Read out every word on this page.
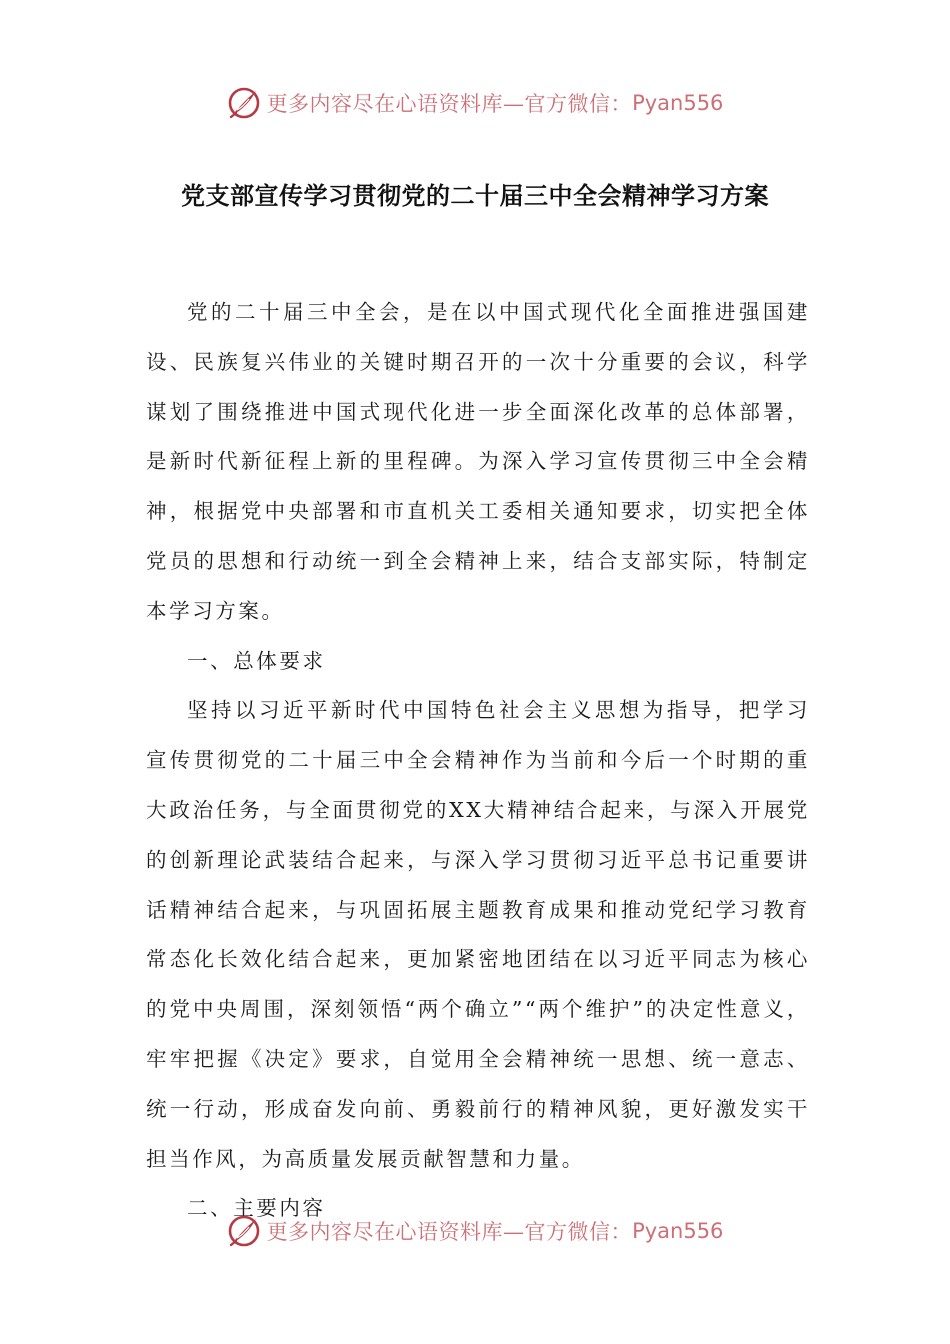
更多内容尽在心语资料库—官方微信： Pyan556
党支部宣传学习贯彻党的二十届三中全会精神学习方案

党的二十届三中全会，是在以中国式现代化全面推进强国建设、民族复兴伟业的关键时期召开的一次十分重要的会议，科学谋划了围绕推进中国式现代化进一步全面深化改革的总体部署，是新时代新征程上新的里程碑。为深入学习宣传贯彻三中全会精神，根据党中央部署和市直机关工委相关通知要求，切实把全体党员的思想和行动统一到全会精神上来，结合支部实际，特制定本学习方案。

一、总体要求

坚持以习近平新时代中国特色社会主义思想为指导，把学习宣传贯彻党的二十届三中全会精神作为当前和今后一个时期的重大政治任务，与全面贯彻党的XX大精神结合起来，与深入开展党的创新理论武装结合起来，与深入学习贯彻习近平总书记重要讲话精神结合起来，与巩固拓展主题教育成果和推动党纪学习教育常态化长效化结合起来，更加紧密地团结在以习近平同志为核心的党中央周围，深刻领悟“两个确立”“两个维护”的决定性意义，牢牢把握《决定》要求，自觉用全会精神统一思想、统一意志、统一行动，形成奋发向前、勇毅前行的精神风貌，更好激发实干担当作风，为高质量发展贡献智慧和力量。

二、主要内容

更多内容尽在心语资料库—官方微信： Pyan556
